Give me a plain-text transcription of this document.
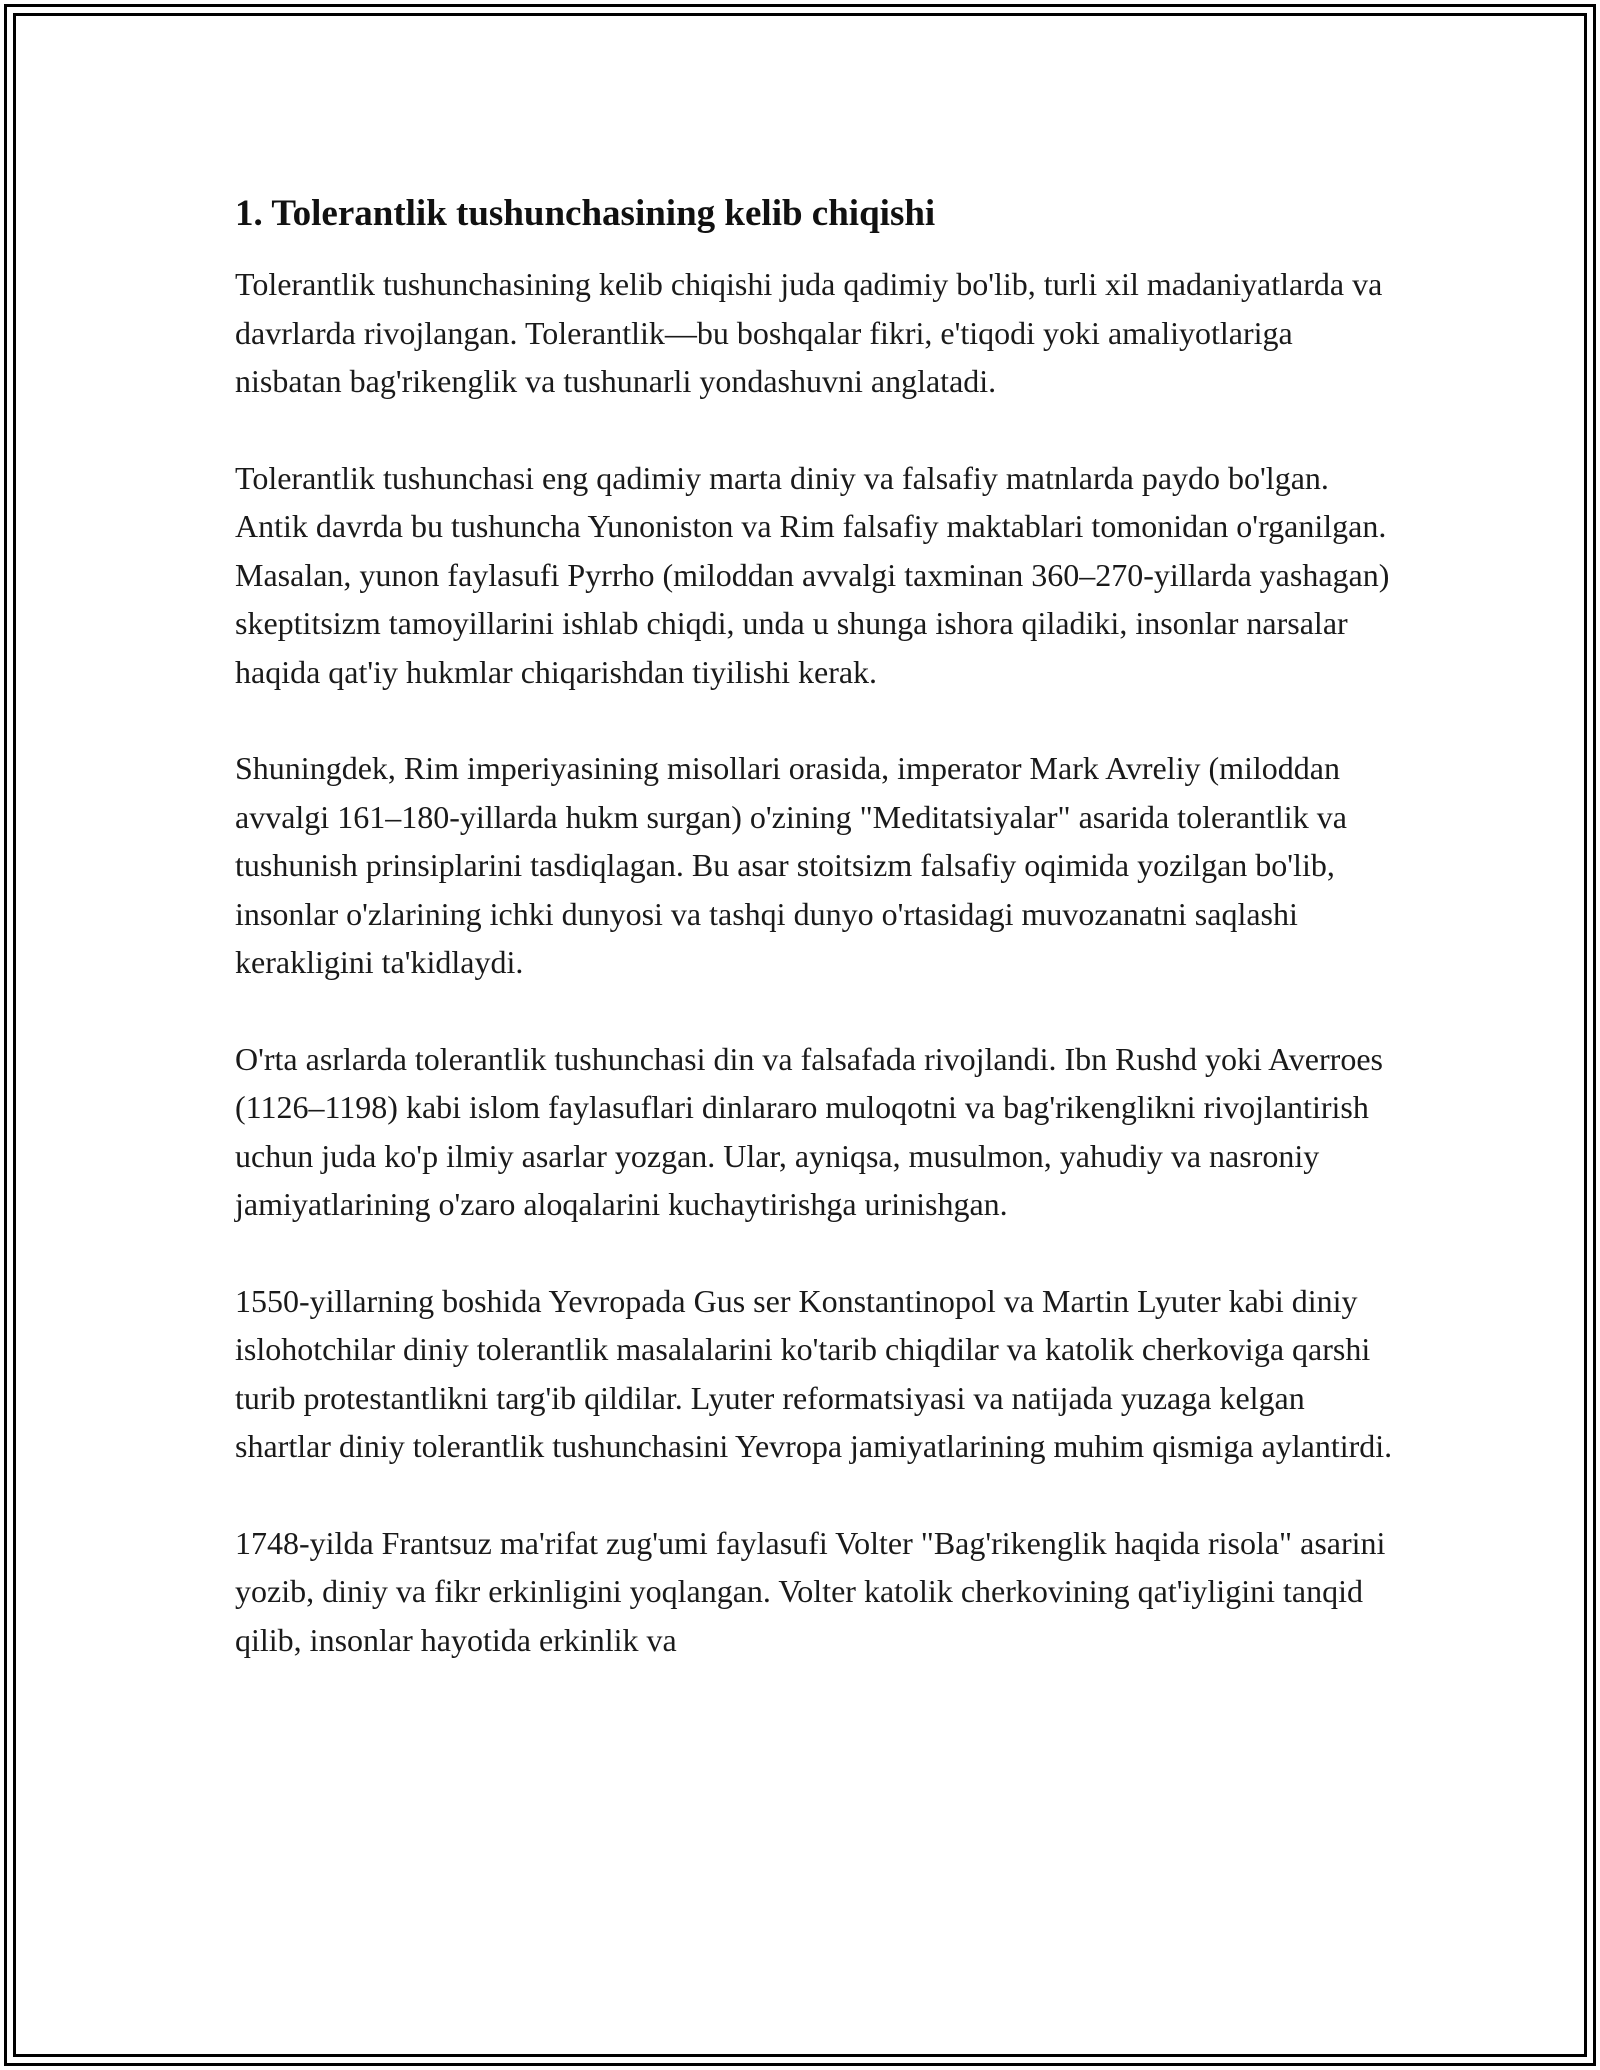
1. Tolerantlik tushunchasining kelib chiqishi

Tolerantlik tushunchasining kelib chiqishi juda qadimiy bo'lib, turli xil madaniyatlarda va davrlarda rivojlangan. Tolerantlik—bu boshqalar fikri, e'tiqodi yoki amaliyotlariga nisbatan bag'rikenglik va tushunarli yondashuvni anglatadi.

Tolerantlik tushunchasi eng qadimiy marta diniy va falsafiy matnlarda paydo bo'lgan. Antik davrda bu tushuncha Yunoniston va Rim falsafiy maktablari tomonidan o'rganilgan. Masalan, yunon faylasufi Pyrrho (miloddan avvalgi taxminan 360–270-yillarda yashagan) skeptitsizm tamoyillarini ishlab chiqdi, unda u shunga ishora qiladiki, insonlar narsalar haqida qat'iy hukmlar chiqarishdan tiyilishi kerak.

Shuningdek, Rim imperiyasining misollari orasida, imperator Mark Avreliy (miloddan avvalgi 161–180-yillarda hukm surgan) o'zining "Meditatsiyalar" asarida tolerantlik va tushunish prinsiplarini tasdiqlagan. Bu asar stoitsizm falsafiy oqimida yozilgan bo'lib, insonlar o'zlarining ichki dunyosi va tashqi dunyo o'rtasidagi muvozanatni saqlashi kerakligini ta'kidlaydi.

O'rta asrlarda tolerantlik tushunchasi din va falsafada rivojlandi. Ibn Rushd yoki Averroes (1126–1198) kabi islom faylasuflari dinlararo muloqotni va bag'rikenglikni rivojlantirish uchun juda ko'p ilmiy asarlar yozgan. Ular, ayniqsa, musulmon, yahudiy va nasroniy jamiyatlarining o'zaro aloqalarini kuchaytirishga urinishgan.

1550-yillarning boshida Yevropada Gus ser Konstantinopol va Martin Lyuter kabi diniy islohotchilar diniy tolerantlik masalalarini ko'tarib chiqdilar va katolik cherkoviga qarshi turib protestantlikni targ'ib qildilar. Lyuter reformatsiyasi va natijada yuzaga kelgan shartlar diniy tolerantlik tushunchasini Yevropa jamiyatlarining muhim qismiga aylantirdi.

1748-yilda Frantsuz ma'rifat zug'umi faylasufi Volter "Bag'rikenglik haqida risola" asarini yozib, diniy va fikr erkinligini yoqlangan. Volter katolik cherkovining qat'iyligini tanqid qilib, insonlar hayotida erkinlik va
